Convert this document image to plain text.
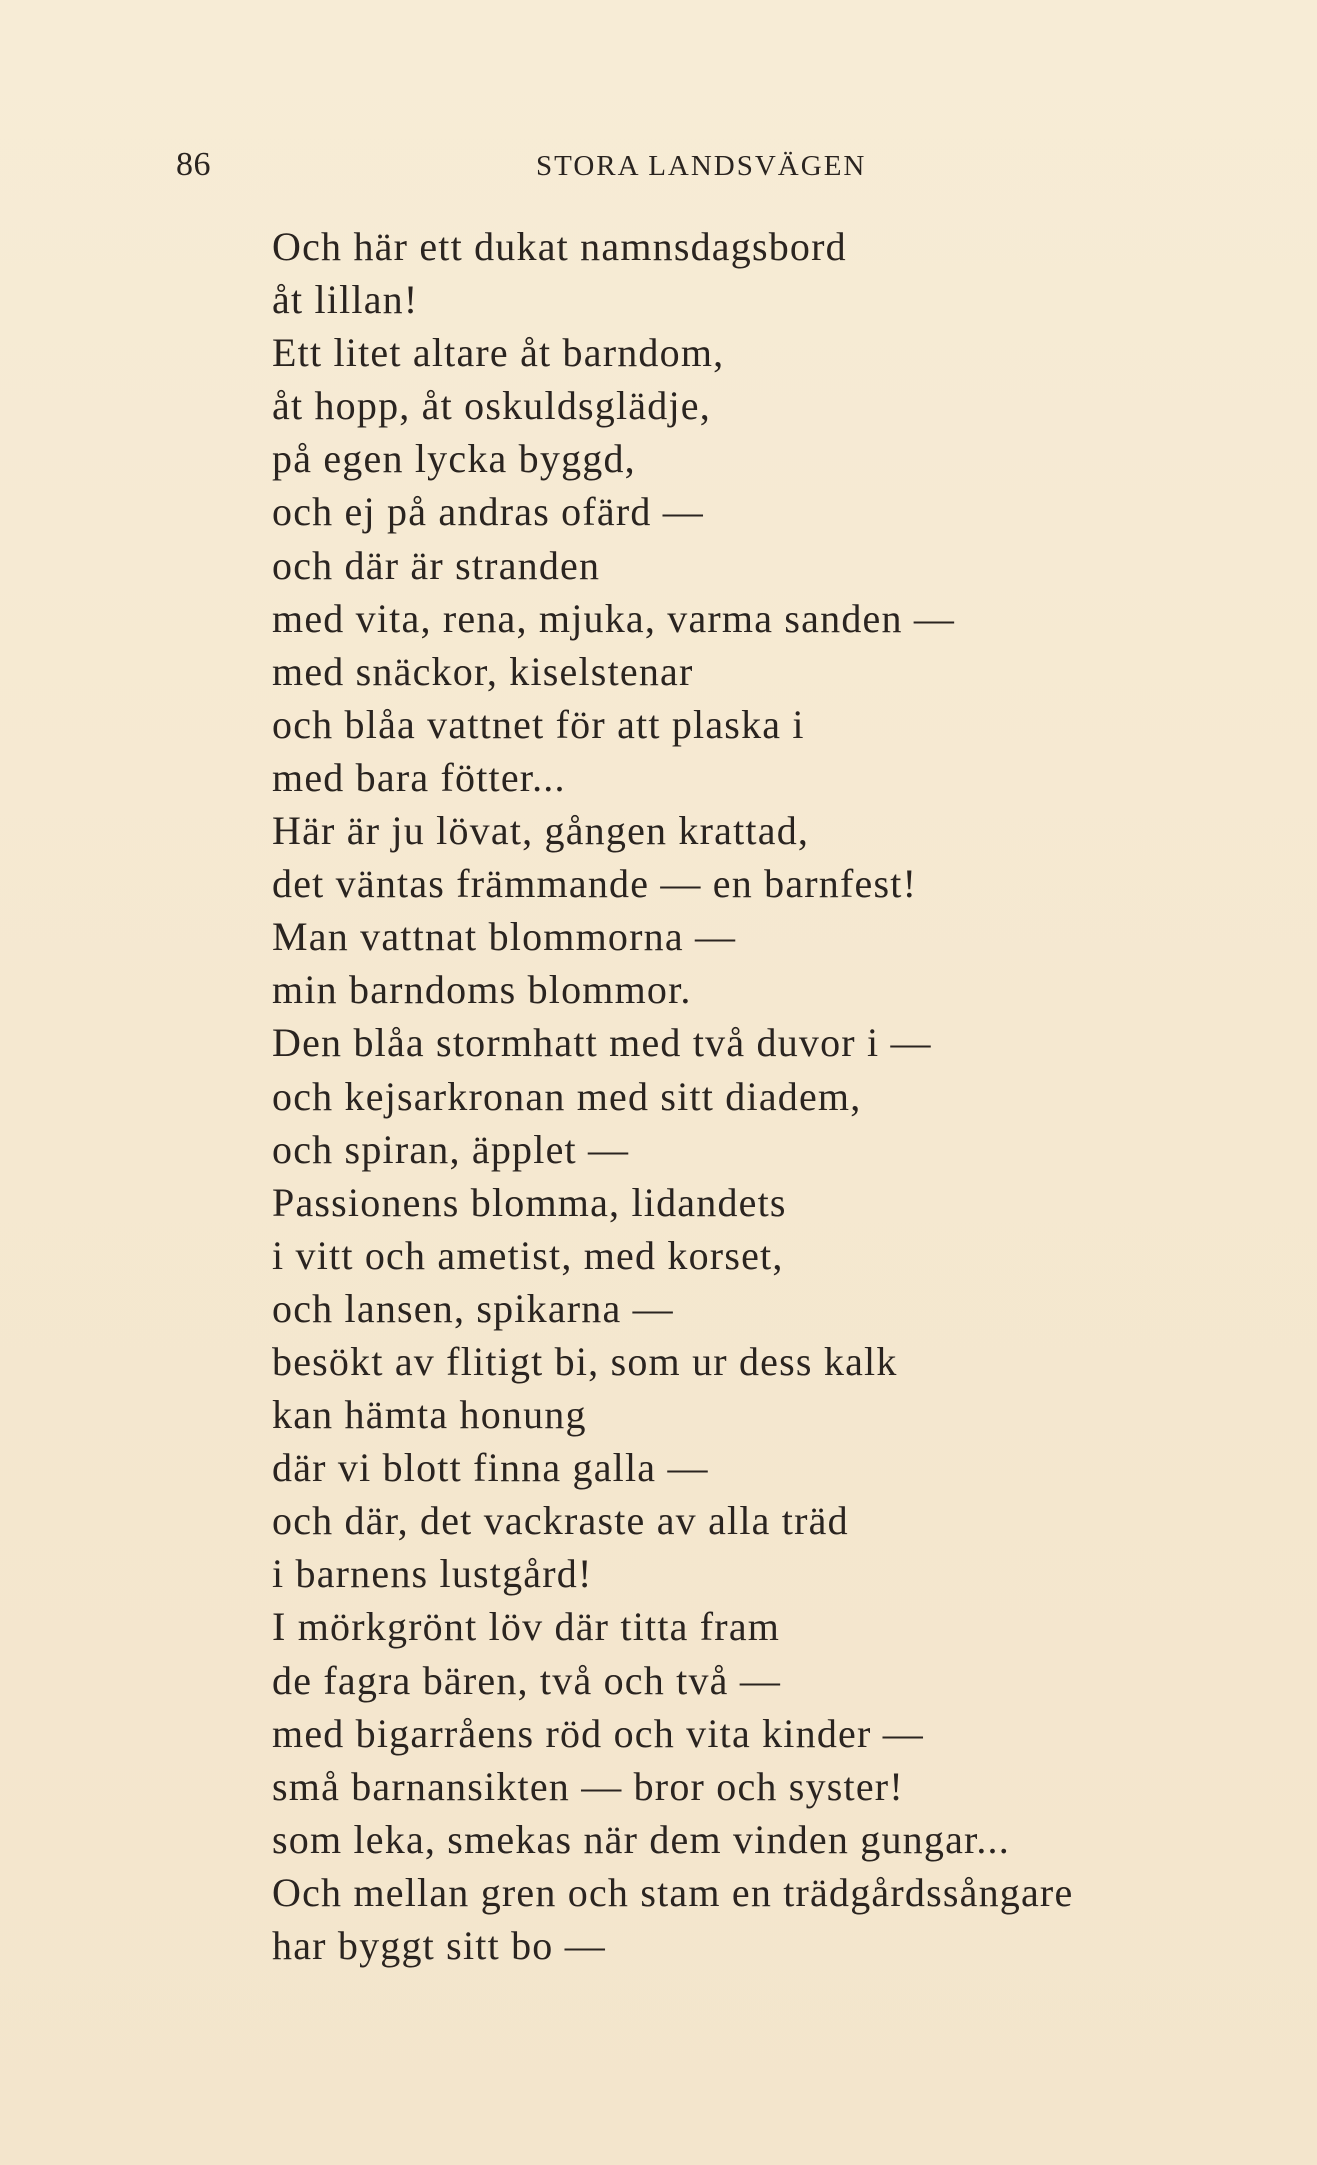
86	STORA LANDSVÄGEN
Och här ett dukat namnsdagsbord
åt lillan!
Ett litet altare åt barndom,
åt hopp, åt oskuldsglädje,
på egen lycka byggd,
och ej på andras ofärd —
och där är stranden
med vita, rena, mjuka, varma sanden —
med snäckor, kiselstenar
och blåa vattnet för att plaska i
med bara fötter...
Här är ju lövat, gången krattad,
det väntas främmande — en barnfest!
Man vattnat blommorna —
min barndoms blommor.
Den blåa stormhatt med två duvor i —
och kejsarkronan med sitt diadem,
och spiran, äpplet —
Passionens blomma, lidandets
i vitt och ametist, med korset,
och lansen, spikarna —
besökt av flitigt bi, som ur dess kalk
kan hämta honung
där vi blott finna galla —
och där, det vackraste av alla träd
i barnens lustgård!
I mörkgrönt löv där titta fram
de fagra bären, två och två —
med bigarråens röd och vita kinder —
små barnansikten — bror och syster!
som leka, smekas när dem vinden gungar...
Och mellan gren och stam en trädgårdssångare
har byggt sitt bo —
